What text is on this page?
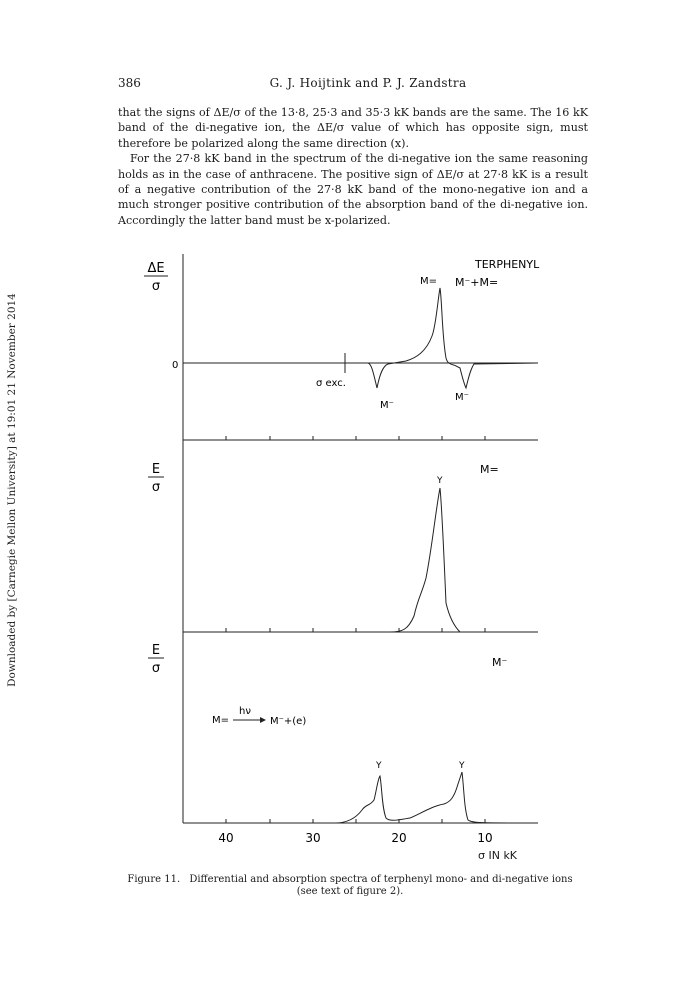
Downloaded by [Carnegie Mellon University] at 19:01 21 November 2014
386	G. J. Hoijtink and P. J. Zandstra

that the signs of ΔE/σ of the 13·8, 25·3 and 35·3 kK bands are the same. The 16 kK band of the di-negative ion, the ΔE/σ value of which has opposite sign, must therefore be polarized along the same direction (x).

For the 27·8 kK band in the spectrum of the di-negative ion the same reasoning holds as in the case of anthracene. The positive sign of ΔE/σ at 27·8 kK is a result of a negative contribution of the 27·8 kK band of the mono-negative ion and a much stronger positive contribution of the absorption band of the di-negative ion. Accordingly the latter band must be x-polarized.

ΔE
σ
TERPHENYL
M= M⁻+M=
0
σ exc.
M⁻
M⁻
E
σ
M=
Y
E
σ	M⁻
M=
hν
M⁻+(e)
Y	Y
40	30	20	10
σ IN kK
Figure 11. Differential and absorption spectra of terphenyl mono- and di-negative ions
(see text of figure 2).
